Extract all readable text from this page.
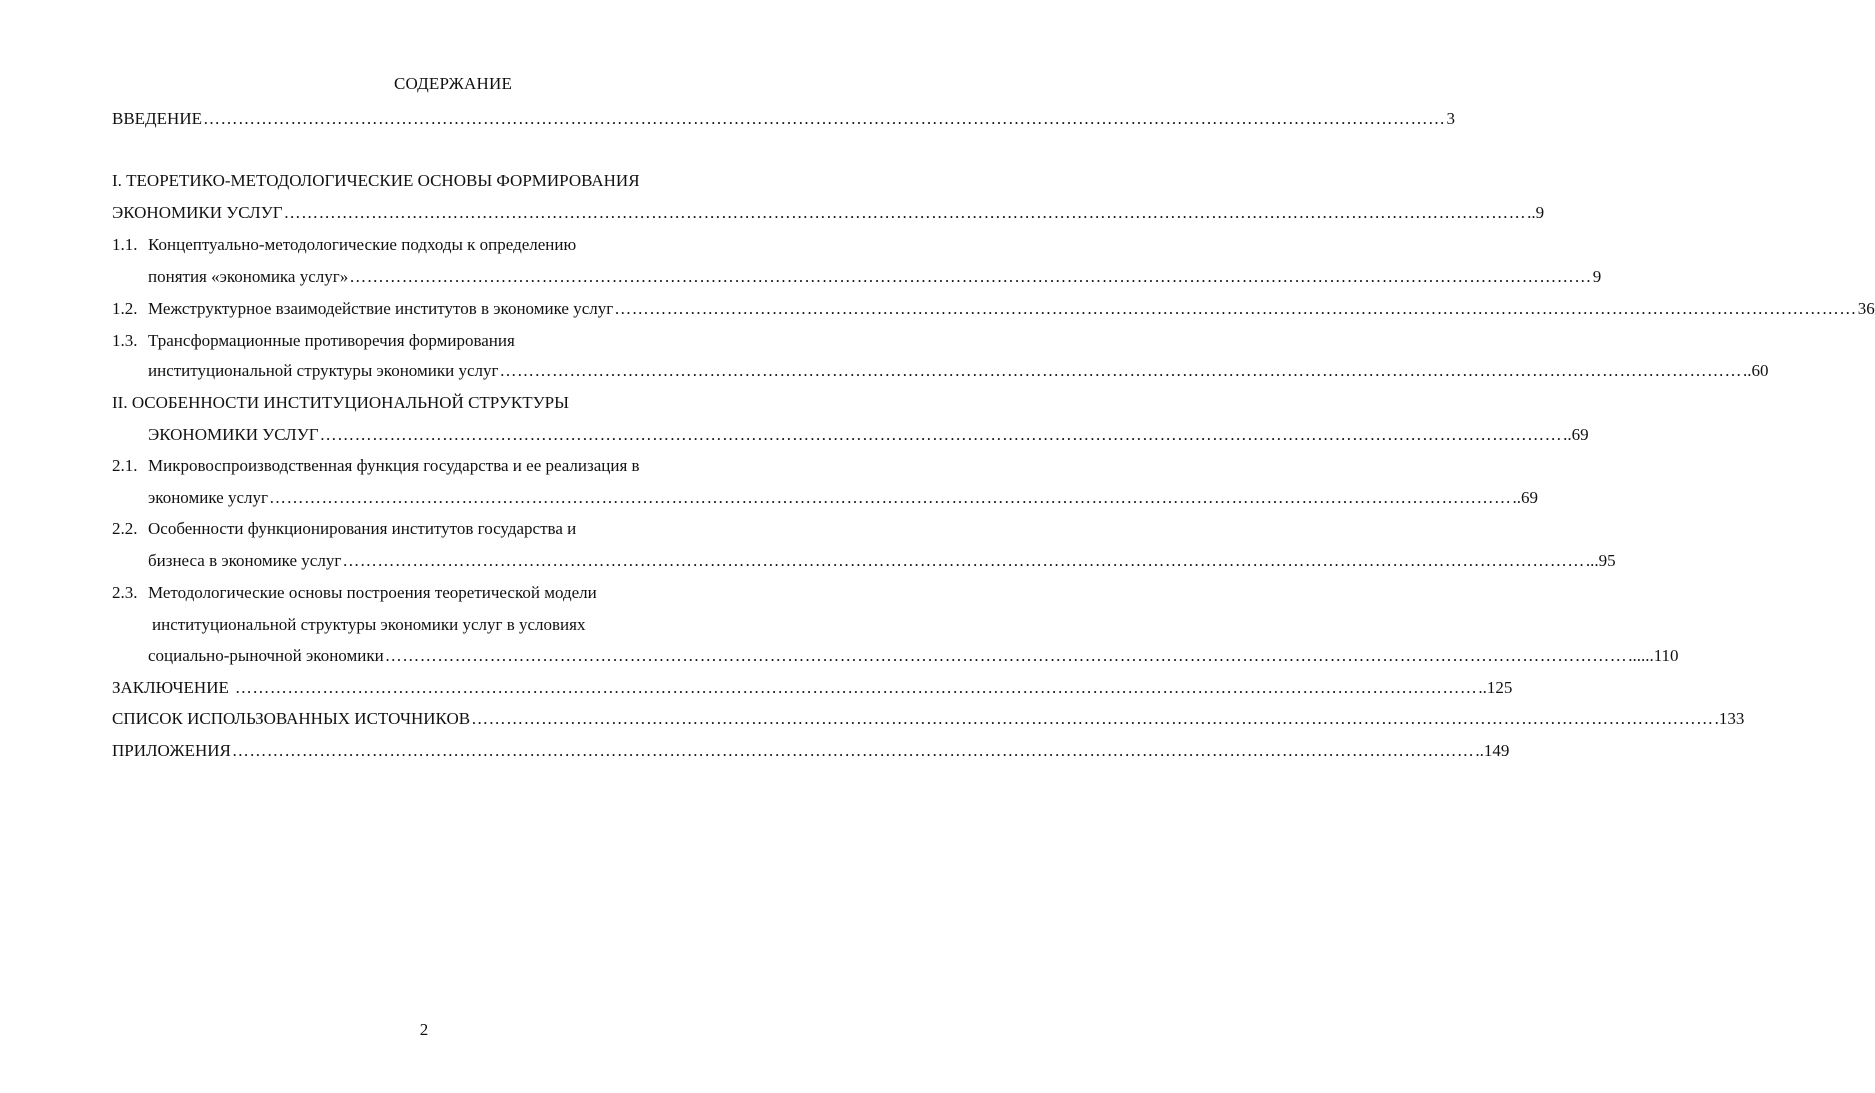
СОДЕРЖАНИЕ
ВВЕДЕНИЕ …………………………………………………………………………………………………………………………………………………………………………………………… 3
I. ТЕОРЕТИКО-МЕТОДОЛОГИЧЕСКИЕ ОСНОВЫ ФОРМИРОВАНИЯ
ЭКОНОМИКИ УСЛУГ …………………………………………………………………………………………………………………………………………………………………………………………… ..9
1.1. Концептуально-методологические подходы к определению
понятия «экономика услуг» …………………………………………………………………………………………………………………………………………………………………………………………… 9
1.2. Межструктурное взаимодействие институтов в экономике услуг …………………………………………………………………………………………………………………………………………………………………………………………… 36
1.3. Трансформационные противоречия формирования
институциональной структуры экономики услуг …………………………………………………………………………………………………………………………………………………………………………………………… ..60
II. ОСОБЕННОСТИ ИНСТИТУЦИОНАЛЬНОЙ СТРУКТУРЫ
ЭКОНОМИКИ УСЛУГ …………………………………………………………………………………………………………………………………………………………………………………………… ..69
2.1. Микровоспроизводственная функция государства и ее реализация в
экономике услуг …………………………………………………………………………………………………………………………………………………………………………………………… ..69
2.2. Особенности функционирования институтов государства и
бизнеса в экономике услуг …………………………………………………………………………………………………………………………………………………………………………………………… ...95
2.3. Методологические основы построения теоретической модели
институциональной структуры экономики услуг в условиях
социально-рыночной экономики …………………………………………………………………………………………………………………………………………………………………………………………… ......110
ЗАКЛЮЧЕНИЕ …………………………………………………………………………………………………………………………………………………………………………………………… ..125
СПИСОК ИСПОЛЬЗОВАННЫХ ИСТОЧНИКОВ …………………………………………………………………………………………………………………………………………………………………………………………… .133
ПРИЛОЖЕНИЯ …………………………………………………………………………………………………………………………………………………………………………………………… ..149
2
